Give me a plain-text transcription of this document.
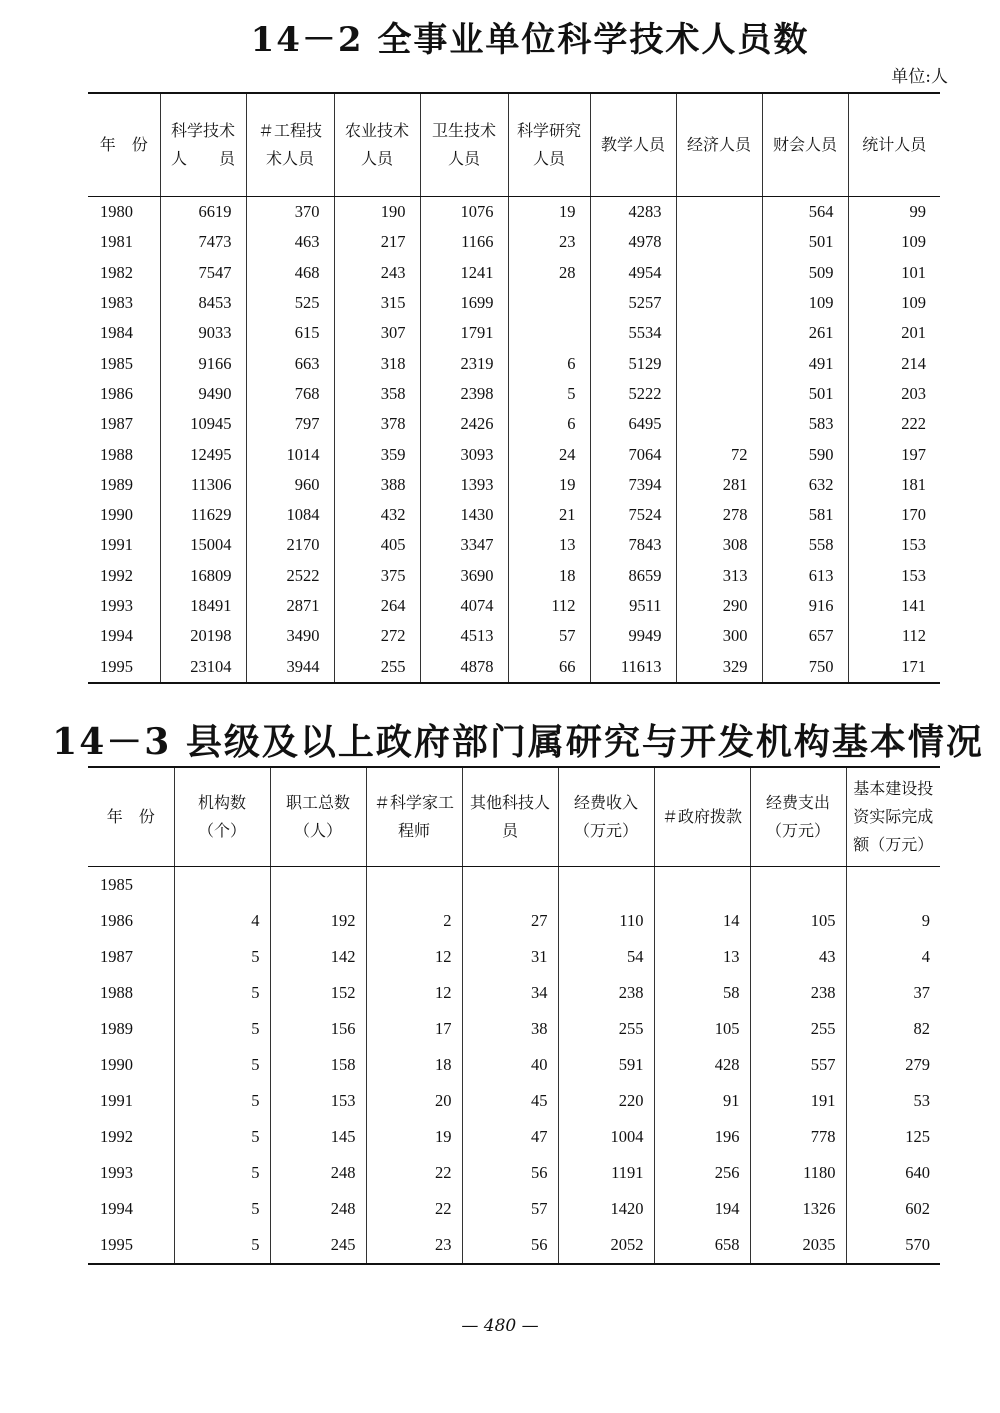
14－2 全事业单位科学技术人员数
单位:人
年　份	科学技术人　　员	＃工程技术人员	农业技术人员	卫生技术人员	科学研究人员	教学人员	经济人员	财会人员	统计人员
1980	6619	370	190	1076	19	4283		564	99
1981	7473	463	217	1166	23	4978		501	109
1982	7547	468	243	1241	28	4954		509	101
1983	8453	525	315	1699		5257		109	109
1984	9033	615	307	1791		5534		261	201
1985	9166	663	318	2319	6	5129		491	214
1986	9490	768	358	2398	5	5222		501	203
1987	10945	797	378	2426	6	6495		583	222
1988	12495	1014	359	3093	24	7064	72	590	197
1989	11306	960	388	1393	19	7394	281	632	181
1990	11629	1084	432	1430	21	7524	278	581	170
1991	15004	2170	405	3347	13	7843	308	558	153
1992	16809	2522	375	3690	18	8659	313	613	153
1993	18491	2871	264	4074	112	9511	290	916	141
1994	20198	3490	272	4513	57	9949	300	657	112
1995	23104	3944	255	4878	66	11613	329	750	171
14－3 县级及以上政府部门属研究与开发机构基本情况
年　份	机构数（个）	职工总数（人）	＃科学家工程师	其他科技人员	经费收入（万元）	＃政府拨款	经费支出（万元）	基本建设投资实际完成额（万元）
1985								
1986	4	192	2	27	110	14	105	9
1987	5	142	12	31	54	13	43	4
1988	5	152	12	34	238	58	238	37
1989	5	156	17	38	255	105	255	82
1990	5	158	18	40	591	428	557	279
1991	5	153	20	45	220	91	191	53
1992	5	145	19	47	1004	196	778	125
1993	5	248	22	56	1191	256	1180	640
1994	5	248	22	57	1420	194	1326	602
1995	5	245	23	56	2052	658	2035	570
— 480 —
